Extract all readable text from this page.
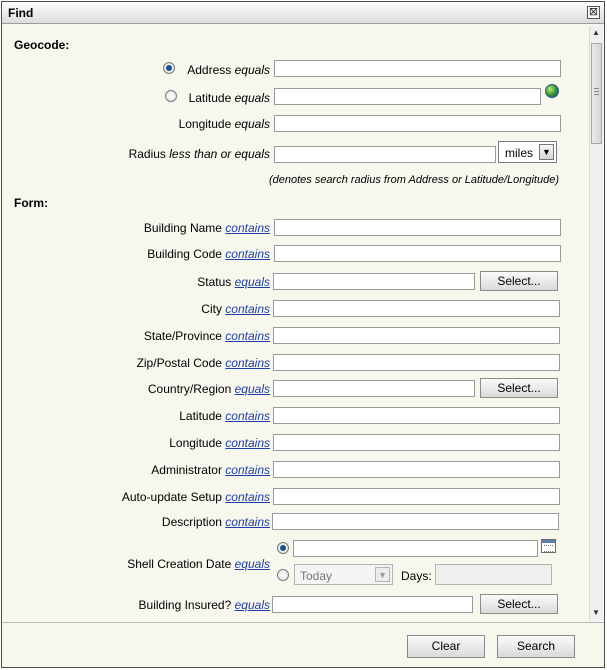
Find	⊠
Geocode:
Address equals
Latitude equals
Longitude equals
Radius less than or equals	miles	▼
(denotes search radius from Address or Latitude/Longitude)
Form:
Building Name contains
Building Code contains
Status equals	Select...
City contains
State/Province contains
Zip/Postal Code contains
Country/Region equals	Select...
Latitude contains
Longitude contains
Administrator contains
Auto-update Setup contains
Description contains
Shell Creation Date equals
Today	▼ Days:
Building Insured? equals	Select...
▲
▼
Clear	Search
